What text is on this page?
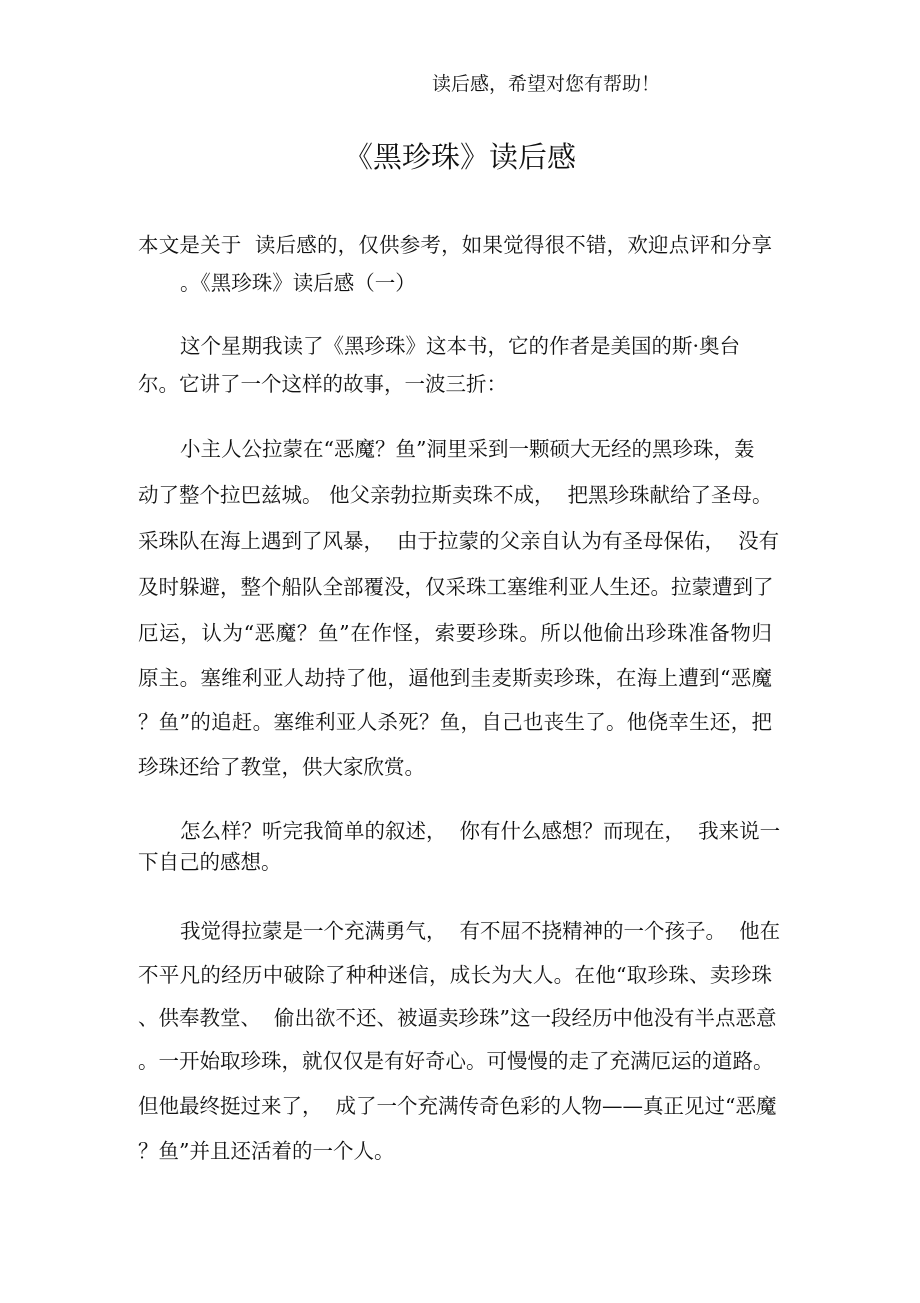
读后感，希望对您有帮助！
《黑珍珠》读后感
本文是关于  读后感的，仅供参考，如果觉得很不错，欢迎点评和分享
。《黑珍珠》读后感（一）
这个星期我读了《黑珍珠》这本书，它的作者是美国的斯·奥台
尔。它讲了一个这样的故事，一波三折：
小主人公拉蒙在“恶魔？鱼”洞里采到一颗硕大无经的黑珍珠，轰
动了整个拉巴兹城。 他父亲勃拉斯卖珠不成，  把黑珍珠献给了圣母。
采珠队在海上遇到了风暴，  由于拉蒙的父亲自认为有圣母保佑，  没有
及时躲避，整个船队全部覆没，仅采珠工塞维利亚人生还。拉蒙遭到了
厄运，认为“恶魔？鱼”在作怪，索要珍珠。所以他偷出珍珠准备物归
原主。塞维利亚人劫持了他，逼他到圭麦斯卖珍珠，在海上遭到“恶魔
？鱼”的追赶。塞维利亚人杀死？鱼，自己也丧生了。他侥幸生还，把
珍珠还给了教堂，供大家欣赏。
怎么样？听完我简单的叙述，  你有什么感想？而现在，  我来说一
下自己的感想。
我觉得拉蒙是一个充满勇气，  有不屈不挠精神的一个孩子。  他在
不平凡的经历中破除了种种迷信，成长为大人。在他“取珍珠、卖珍珠
、供奉教堂、  偷出欲不还、被逼卖珍珠”这一段经历中他没有半点恶意
。一开始取珍珠，就仅仅是有好奇心。可慢慢的走了充满厄运的道路。
但他最终挺过来了，  成了一个充满传奇色彩的人物——真正见过“恶魔
？鱼”并且还活着的一个人。
